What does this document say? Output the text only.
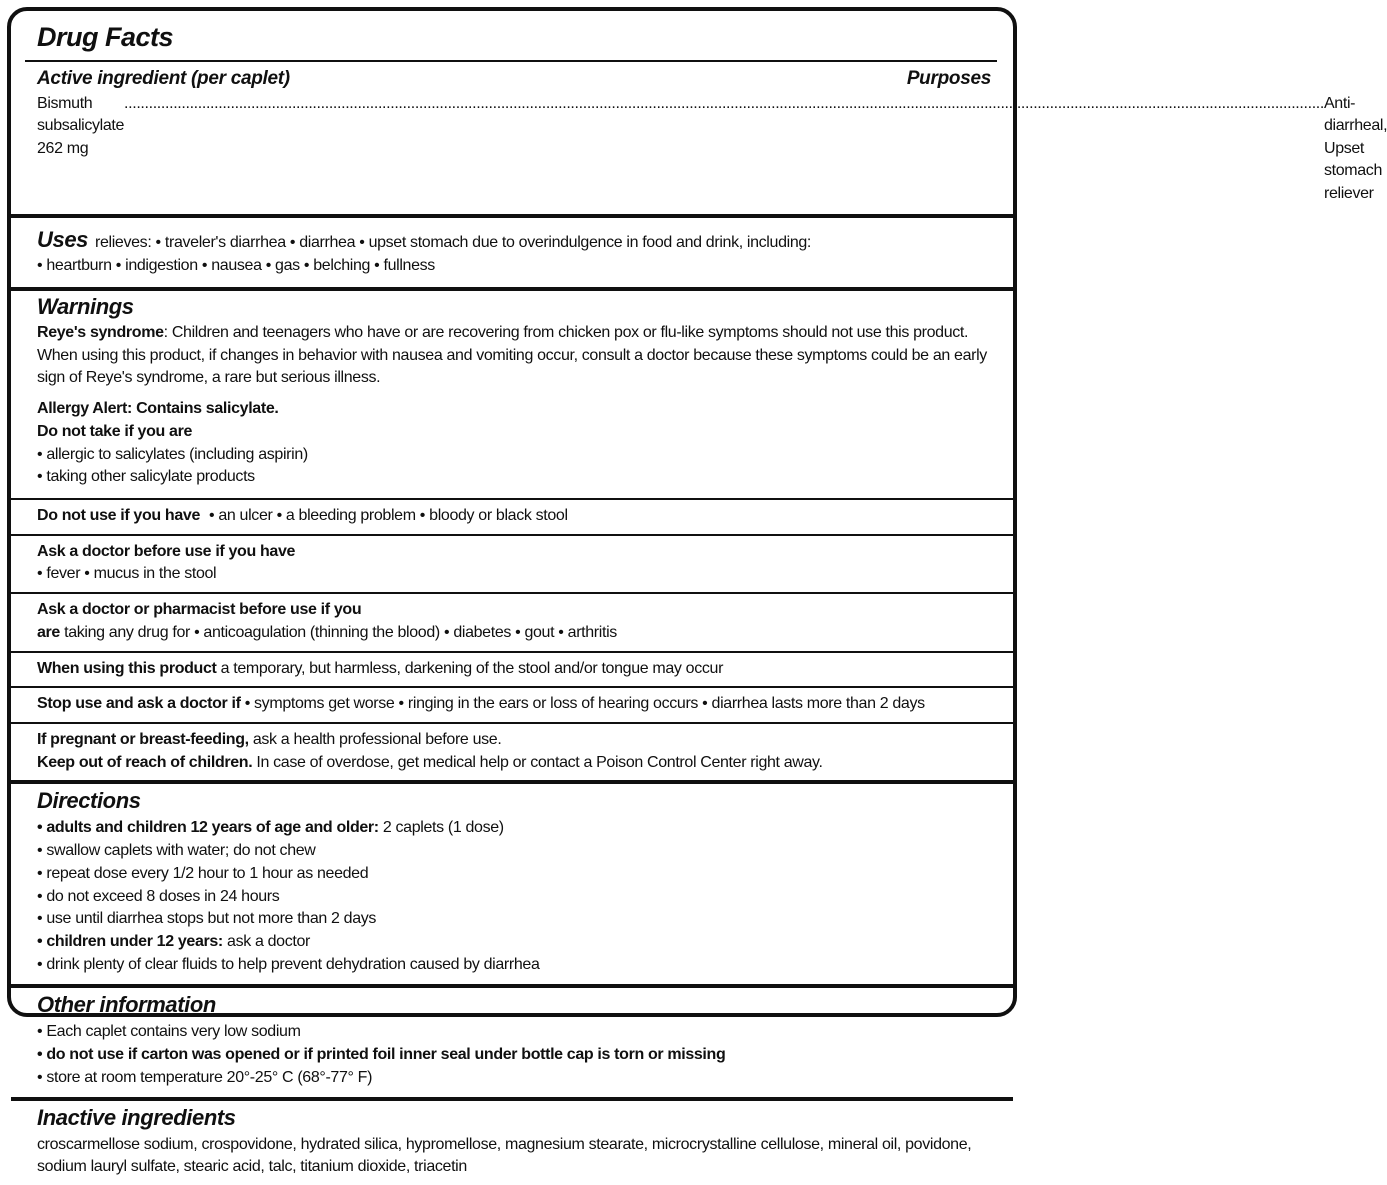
Drug Facts
Active ingredient (per caplet)	Purposes
Bismuth subsalicylate 262 mg
.....
Anti-diarrheal, Upset stomach reliever
Uses relieves: • traveler's diarrhea • diarrhea • upset stomach due to overindulgence in food and drink, including:
• heartburn • indigestion • nausea • gas • belching • fullness
Warnings

Reye's syndrome: Children and teenagers who have or are recovering from chicken pox or flu-like symptoms should not use this product. When using this product, if changes in behavior with nausea and vomiting occur, consult a doctor because these symptoms could be an early sign of Reye's syndrome, a rare but serious illness.

Allergy Alert: Contains salicylate.

Do not take if you are

• allergic to salicylates (including aspirin)

• taking other salicylate products

Do not use if you have • an ulcer • a bleeding problem • bloody or black stool

Ask a doctor before use if you have

• fever • mucus in the stool

Ask a doctor or pharmacist before use if you

are taking any drug for • anticoagulation (thinning the blood) • diabetes • gout • arthritis

When using this product a temporary, but harmless, darkening of the stool and/or tongue may occur

Stop use and ask a doctor if • symptoms get worse • ringing in the ears or loss of hearing occurs • diarrhea lasts more than 2 days

If pregnant or breast-feeding, ask a health professional before use.

Keep out of reach of children. In case of overdose, get medical help or contact a Poison Control Center right away.

Directions

• adults and children 12 years of age and older: 2 caplets (1 dose)

• swallow caplets with water; do not chew

• repeat dose every 1/2 hour to 1 hour as needed

• do not exceed 8 doses in 24 hours

• use until diarrhea stops but not more than 2 days

• children under 12 years: ask a doctor

• drink plenty of clear fluids to help prevent dehydration caused by diarrhea

Other information

• Each caplet contains very low sodium

• do not use if carton was opened or if printed foil inner seal under bottle cap is torn or missing

• store at room temperature 20°-25° C (68°-77° F)

Inactive ingredients

croscarmellose sodium, crospovidone, hydrated silica, hypromellose, magnesium stearate, microcrystalline cellulose, mineral oil, povidone, sodium lauryl sulfate, stearic acid, talc, titanium dioxide, triacetin
